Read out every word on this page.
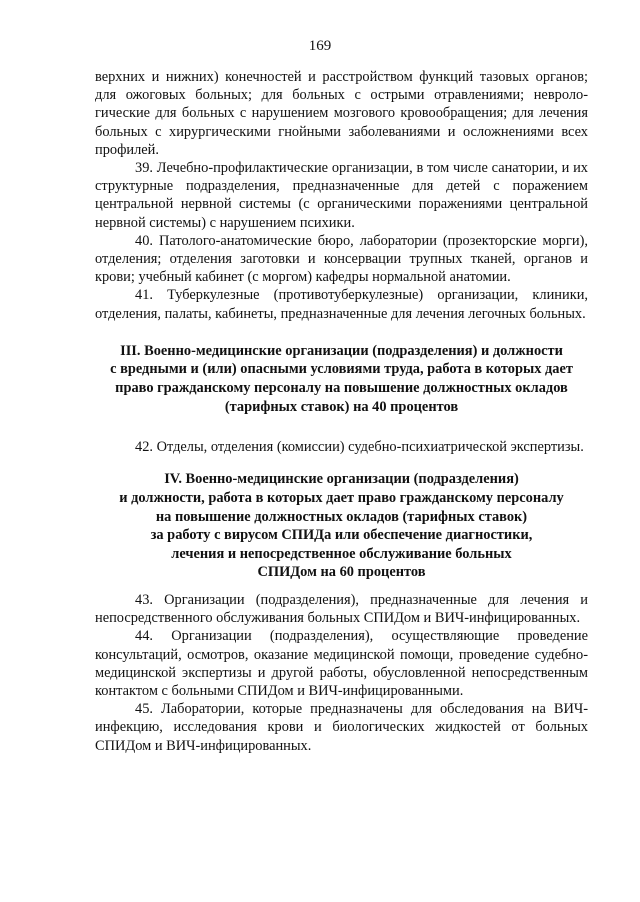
169

верхних и нижних) конечностей и расстройством функций тазовых органов; для ожоговых больных; для больных с острыми отравлениями; неврологические для больных с нарушением мозгового кровообращения; для лечения больных с хирургическими гнойными заболеваниями и осложнениями всех профилей.

39. Лечебно-профилактические организации, в том числе санатории, и их структурные подразделения, предназначенные для детей с поражением центральной нервной системы (с органическими поражениями центральной нервной системы) с нарушением психики.

40. Патолого-анатомические бюро, лаборатории (прозекторские морги), отделения; отделения заготовки и консервации трупных тканей, органов и крови; учебный кабинет (с моргом) кафедры нормальной анатомии.

41. Туберкулезные (противотуберкулезные) организации, клиники, отделения, палаты, кабинеты, предназначенные для лечения легочных больных.

III. Военно-медицинские организации (подразделения) и должности
с вредными и (или) опасными условиями труда, работа в которых дает
право гражданскому персоналу на повышение должностных окладов
(тарифных ставок) на 40 процентов

42. Отделы, отделения (комиссии) судебно-психиатрической экспертизы.

IV. Военно-медицинские организации (подразделения)
и должности, работа в которых дает право гражданскому персоналу
на повышение должностных окладов (тарифных ставок)
за работу с вирусом СПИДа или обеспечение диагностики,
лечения и непосредственное обслуживание больных
СПИДом на 60 процентов

43. Организации (подразделения), предназначенные для лечения и непосредственного обслуживания больных СПИДом и ВИЧ-инфицированных.

44. Организации (подразделения), осуществляющие проведение консультаций, осмотров, оказание медицинской помощи, проведение судебно-медицинской экспертизы и другой работы, обусловленной непосредственным контактом с больными СПИДом и ВИЧ-инфицированными.

45. Лаборатории, которые предназначены для обследования на ВИЧ-инфекцию, исследования крови и биологических жидкостей от больных СПИДом и ВИЧ-инфицированных.
